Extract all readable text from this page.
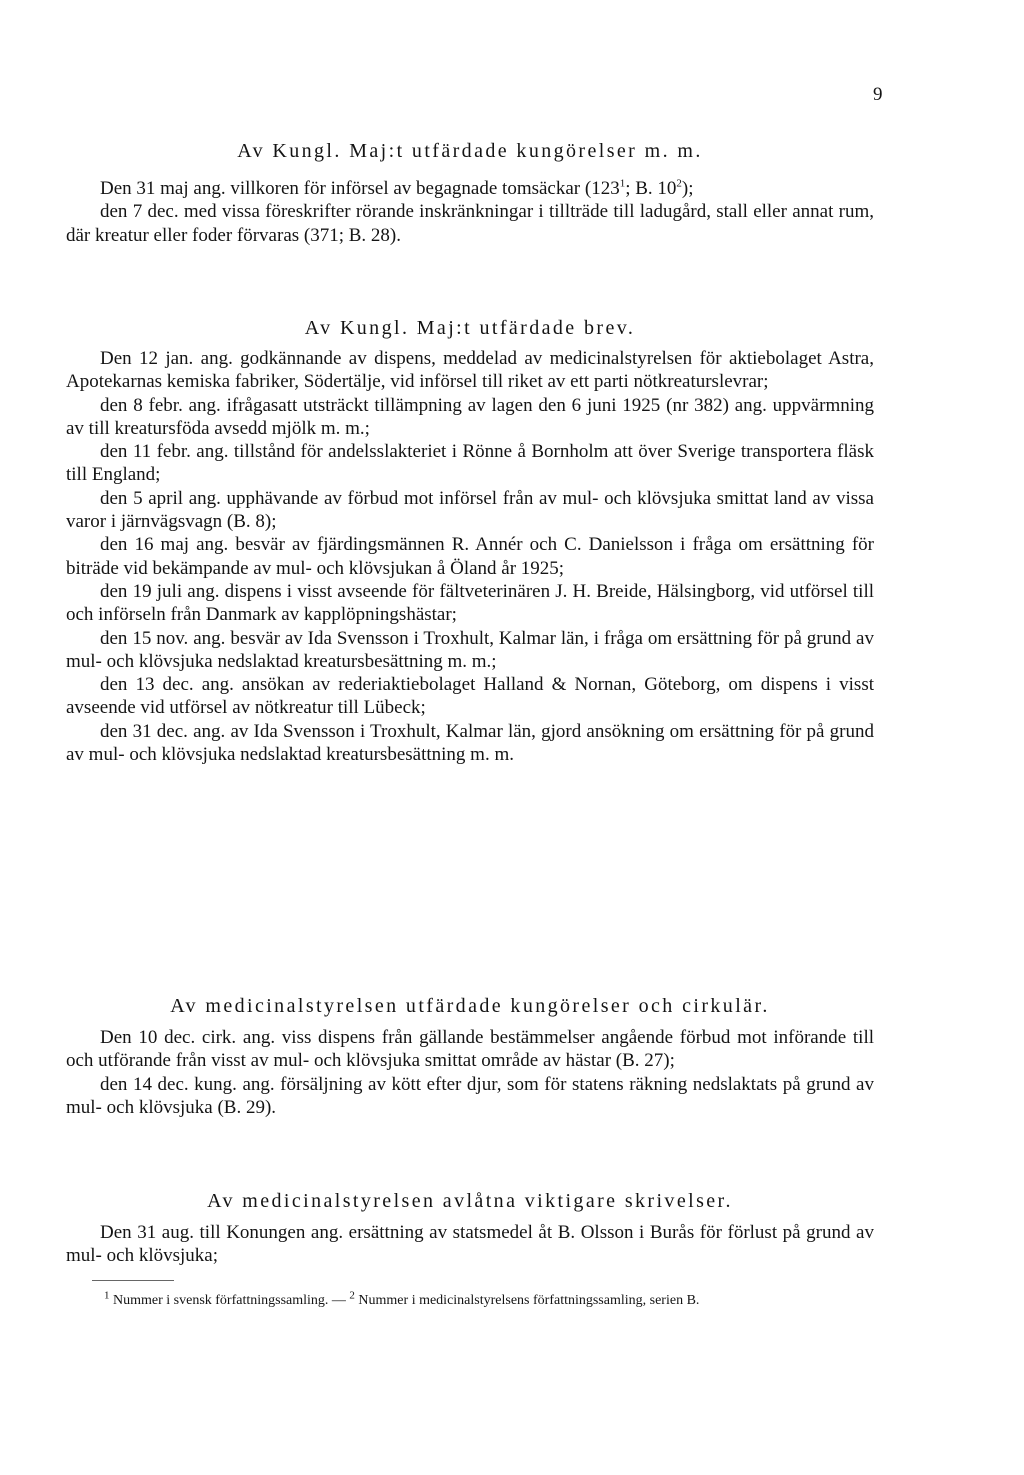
9

Av Kungl. Maj:t utfärdade kungörelser m. m.

Den 31 maj ang. villkoren för införsel av begagnade tomsäckar ($123^1$; B. $10^2$);

den 7 dec. med vissa föreskrifter rörande inskränkningar i tillträde till ladugård, stall eller annat rum, där kreatur eller foder förvaras (371; B. 28).

Av Kungl. Maj:t utfärdade brev.

Den 12 jan. ang. godkännande av dispens, meddelad av medicinalstyrelsen för aktiebolaget Astra, Apotekarnas kemiska fabriker, Södertälje, vid införsel till riket av ett parti nötkreaturslevrar;

den 8 febr. ang. ifrågasatt utsträckt tillämpning av lagen den 6 juni 1925 (nr 382) ang. uppvärmning av till kreatursföda avsedd mjölk m. m.;

den 11 febr. ang. tillstånd för andelsslakteriet i Rönne å Bornholm att över Sverige transportera fläsk till England;

den 5 april ang. upphävande av förbud mot införsel från av mul- och klövsjuka smittat land av vissa varor i järnvägsvagn (B. 8);

den 16 maj ang. besvär av fjärdingsmännen R. Annér och C. Danielsson i fråga om ersättning för biträde vid bekämpande av mul- och klövsjukan å Öland år 1925;

den 19 juli ang. dispens i visst avseende för fältveterinären J. H. Breide, Hälsingborg, vid utförsel till och införseln från Danmark av kapplöpningshästar;

den 15 nov. ang. besvär av Ida Svensson i Troxhult, Kalmar län, i fråga om ersättning för på grund av mul- och klövsjuka nedslaktad kreatursbesättning m. m.;

den 13 dec. ang. ansökan av rederiaktiebolaget Halland & Nornan, Göteborg, om dispens i visst avseende vid utförsel av nötkreatur till Lübeck;

den 31 dec. ang. av Ida Svensson i Troxhult, Kalmar län, gjord ansökning om ersättning för på grund av mul- och klövsjuka nedslaktad kreatursbesättning m. m.

Av medicinalstyrelsen utfärdade kungörelser och cirkulär.

Den 10 dec. cirk. ang. viss dispens från gällande bestämmelser angående förbud mot införande till och utförande från visst av mul- och klövsjuka smittat område av hästar (B. 27);

den 14 dec. kung. ang. försäljning av kött efter djur, som för statens räkning nedslaktats på grund av mul- och klövsjuka (B. 29).

Av medicinalstyrelsen avlåtna viktigare skrivelser.

Den 31 aug. till Konungen ang. ersättning av statsmedel åt B. Olsson i Burås för förlust på grund av mul- och klövsjuka;

$^1$ Nummer i svensk författningssamling. — $^2$ Nummer i medicinalstyrelsens författningssamling, serien B.
